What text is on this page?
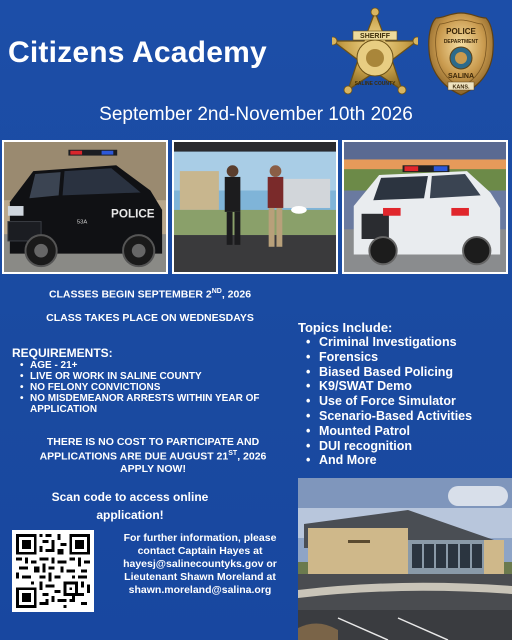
Citizens Academy	SHERIFF
SALINE COUNTY
POLICE
DEPARTMENT
SALINA
KANS.
September 2nd-November 10th 2026
POLICE
53A
CLASSES BEGIN SEPTEMBER 2ND, 2026
CLASS TAKES PLACE ON WEDNESDAYS
REQUIREMENTS:
• AGE - 21+
• LIVE OR WORK IN SALINE COUNTY
• NO FELONY CONVICTIONS
• NO MISDEMEANOR ARRESTS WITHIN YEAR OF APPLICATION
THERE IS NO COST TO PARTICIPATE AND
APPLICATIONS ARE DUE AUGUST 21ST, 2026
APPLY NOW!
Scan code to access online
application!
For further information, please
contact Captain Hayes at
hayesj@salinecountyks.gov or
Lieutenant Shawn Moreland at
shawn.moreland@salina.org
Topics Include:
• Criminal Investigations
• Forensics
• Biased Based Policing
• K9/SWAT Demo
• Use of Force Simulator
• Scenario-Based Activities
• Mounted Patrol
• DUI recognition
• And More
